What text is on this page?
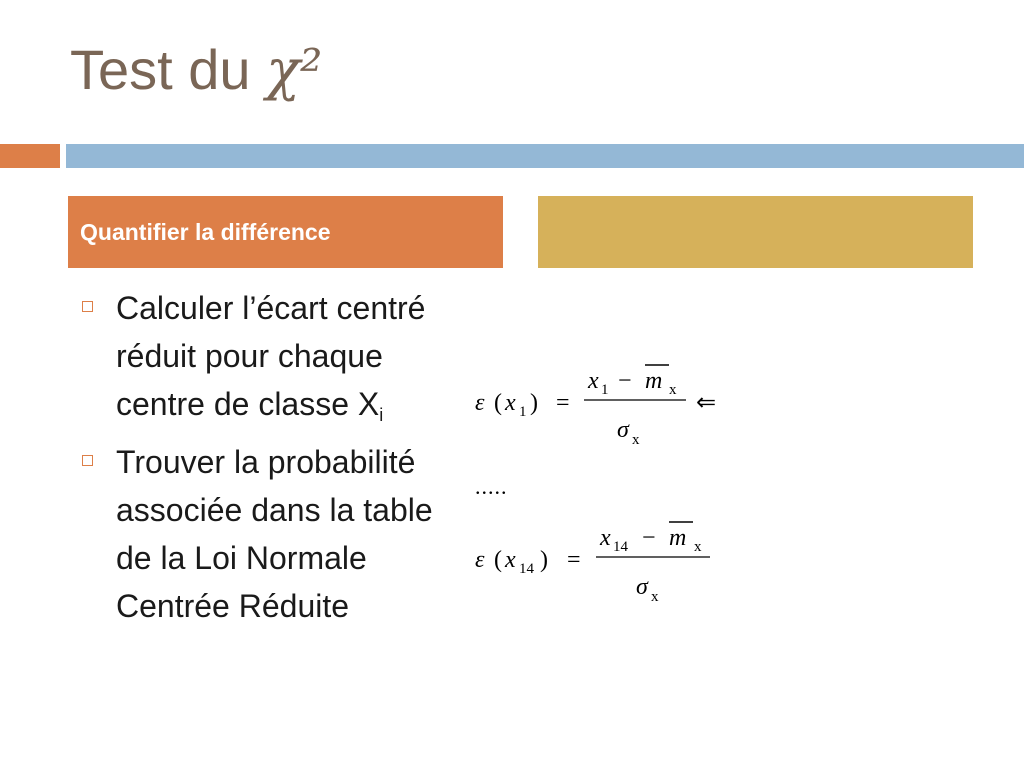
Test du χ²
Quantifier la différence
Calculer l’écart centré réduit pour chaque centre de classe $X_i$
Trouver la probabilité associée dans la table de la Loi Normale Centrée Réduite
ε ( x 1 ) =
x 1 − m x
σ x
⇐
.....
ε ( x 14 ) =
x 14 − m x
σ x
